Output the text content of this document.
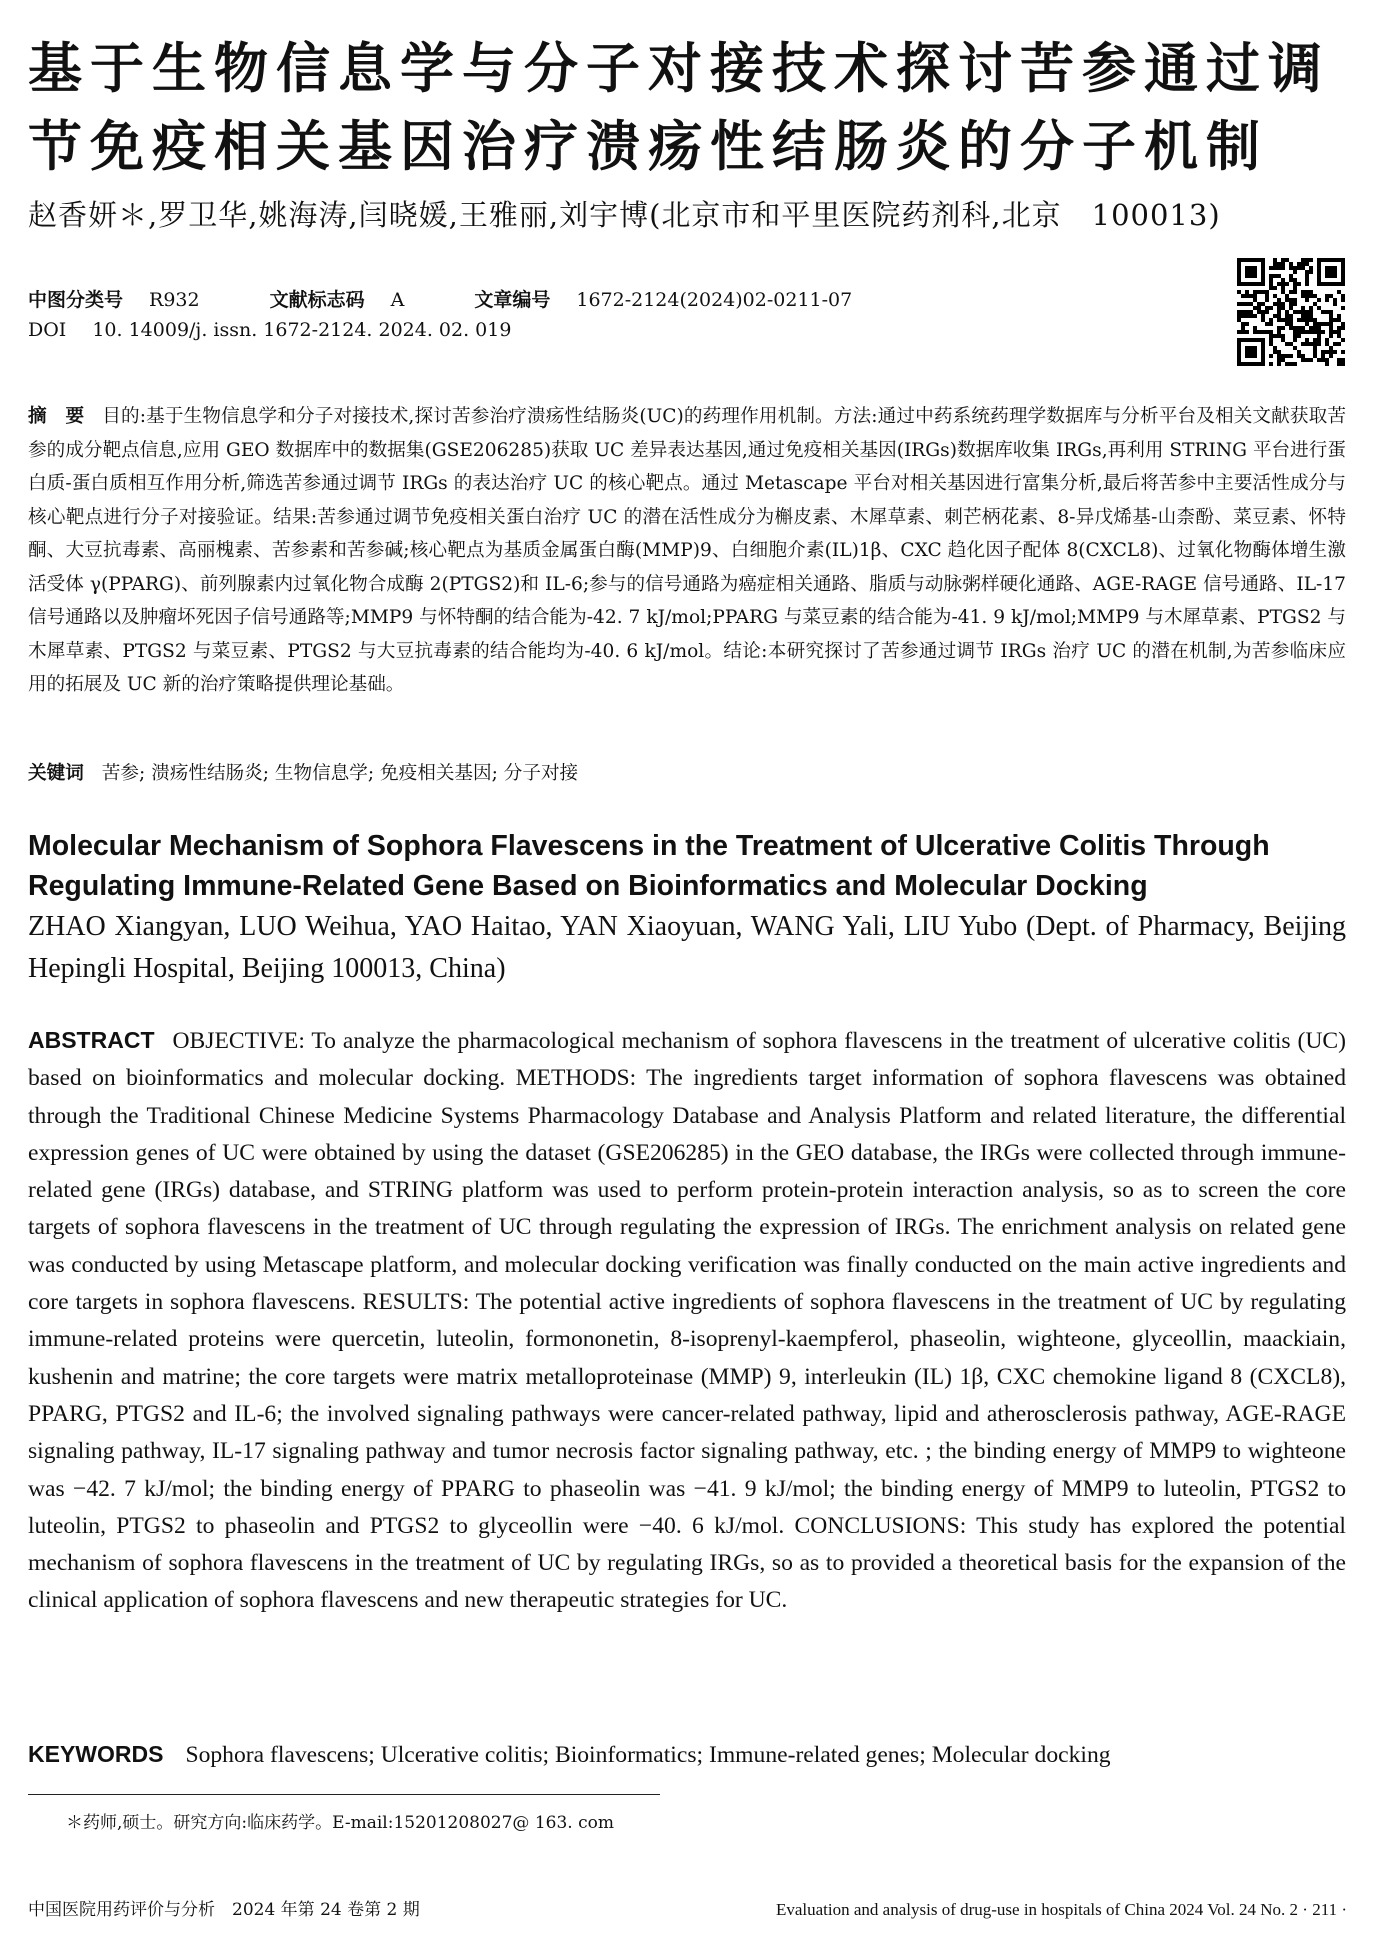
基于生物信息学与分子对接技术探讨苦参通过调节免疫相关基因治疗溃疡性结肠炎的分子机制

赵香妍＊,罗卫华,姚海涛,闫晓媛,王雅丽,刘宇博(北京市和平里医院药剂科,北京　100013)

中图分类号 R932	文献标志码 A	文章编号 1672-2124(2024)02-0211-07
DOI 10. 14009/j. issn. 1672-2124. 2024. 02. 019

摘　要 目的:基于生物信息学和分子对接技术,探讨苦参治疗溃疡性结肠炎(UC)的药理作用机制。方法:通过中药系统药理学数据库与分析平台及相关文献获取苦参的成分靶点信息,应用 GEO 数据库中的数据集(GSE206285)获取 UC 差异表达基因,通过免疫相关基因(IRGs)数据库收集 IRGs,再利用 STRING 平台进行蛋白质-蛋白质相互作用分析,筛选苦参通过调节 IRGs 的表达治疗 UC 的核心靶点。通过 Metascape 平台对相关基因进行富集分析,最后将苦参中主要活性成分与核心靶点进行分子对接验证。结果:苦参通过调节免疫相关蛋白治疗 UC 的潜在活性成分为槲皮素、木犀草素、刺芒柄花素、8-异戊烯基-山柰酚、菜豆素、怀特酮、大豆抗毒素、高丽槐素、苦参素和苦参碱;核心靶点为基质金属蛋白酶(MMP)9、白细胞介素(IL)1β、CXC 趋化因子配体 8(CXCL8)、过氧化物酶体增生激活受体 γ(PPARG)、前列腺素内过氧化物合成酶 2(PTGS2)和 IL-6;参与的信号通路为癌症相关通路、脂质与动脉粥样硬化通路、AGE-RAGE 信号通路、IL-17 信号通路以及肿瘤坏死因子信号通路等;MMP9 与怀特酮的结合能为-42. 7 kJ/mol;PPARG 与菜豆素的结合能为-41. 9 kJ/mol;MMP9 与木犀草素、PTGS2 与木犀草素、PTGS2 与菜豆素、PTGS2 与大豆抗毒素的结合能均为-40. 6 kJ/mol。结论:本研究探讨了苦参通过调节 IRGs 治疗 UC 的潜在机制,为苦参临床应用的拓展及 UC 新的治疗策略提供理论基础。

关键词 苦参; 溃疡性结肠炎; 生物信息学; 免疫相关基因; 分子对接

Molecular Mechanism of Sophora Flavescens in the Treatment of Ulcerative Colitis Through Regulating Immune-Related Gene Based on Bioinformatics and Molecular Docking

ZHAO Xiangyan, LUO Weihua, YAO Haitao, YAN Xiaoyuan, WANG Yali, LIU Yubo (Dept. of Pharmacy, Beijing Hepingli Hospital, Beijing 100013, China)

ABSTRACT OBJECTIVE: To analyze the pharmacological mechanism of sophora flavescens in the treatment of ulcerative colitis (UC) based on bioinformatics and molecular docking. METHODS: The ingredients target information of sophora flavescens was obtained through the Traditional Chinese Medicine Systems Pharmacology Database and Analysis Platform and related literature, the differential expression genes of UC were obtained by using the dataset (GSE206285) in the GEO database, the IRGs were collected through immune-related gene (IRGs) database, and STRING platform was used to perform protein-protein interaction analysis, so as to screen the core targets of sophora flavescens in the treatment of UC through regulating the expression of IRGs. The enrichment analysis on related gene was conducted by using Metascape platform, and molecular docking verification was finally conducted on the main active ingredients and core targets in sophora flavescens. RESULTS: The potential active ingredients of sophora flavescens in the treatment of UC by regulating immune-related proteins were quercetin, luteolin, formononetin, 8-isoprenyl-kaempferol, phaseolin, wighteone, glyceollin, maackiain, kushenin and matrine; the core targets were matrix metalloproteinase (MMP) 9, interleukin (IL) 1β, CXC chemokine ligand 8 (CXCL8), PPARG, PTGS2 and IL-6; the involved signaling pathways were cancer-related pathway, lipid and atherosclerosis pathway, AGE-RAGE signaling pathway, IL-17 signaling pathway and tumor necrosis factor signaling pathway, etc. ; the binding energy of MMP9 to wighteone was −42. 7 kJ/mol; the binding energy of PPARG to phaseolin was −41. 9 kJ/mol; the binding energy of MMP9 to luteolin, PTGS2 to luteolin, PTGS2 to phaseolin and PTGS2 to glyceollin were −40. 6 kJ/mol. CONCLUSIONS: This study has explored the potential mechanism of sophora flavescens in the treatment of UC by regulating IRGs, so as to provided a theoretical basis for the expansion of the clinical application of sophora flavescens and new therapeutic strategies for UC.

KEYWORDS Sophora flavescens; Ulcerative colitis; Bioinformatics; Immune-related genes; Molecular docking

＊药师,硕士。研究方向:临床药学。E-mail:15201208027@ 163. com
中国医院用药评价与分析　2024 年第 24 卷第 2 期	Evaluation and analysis of drug-use in hospitals of China 2024 Vol. 24 No. 2 · 211 ·
